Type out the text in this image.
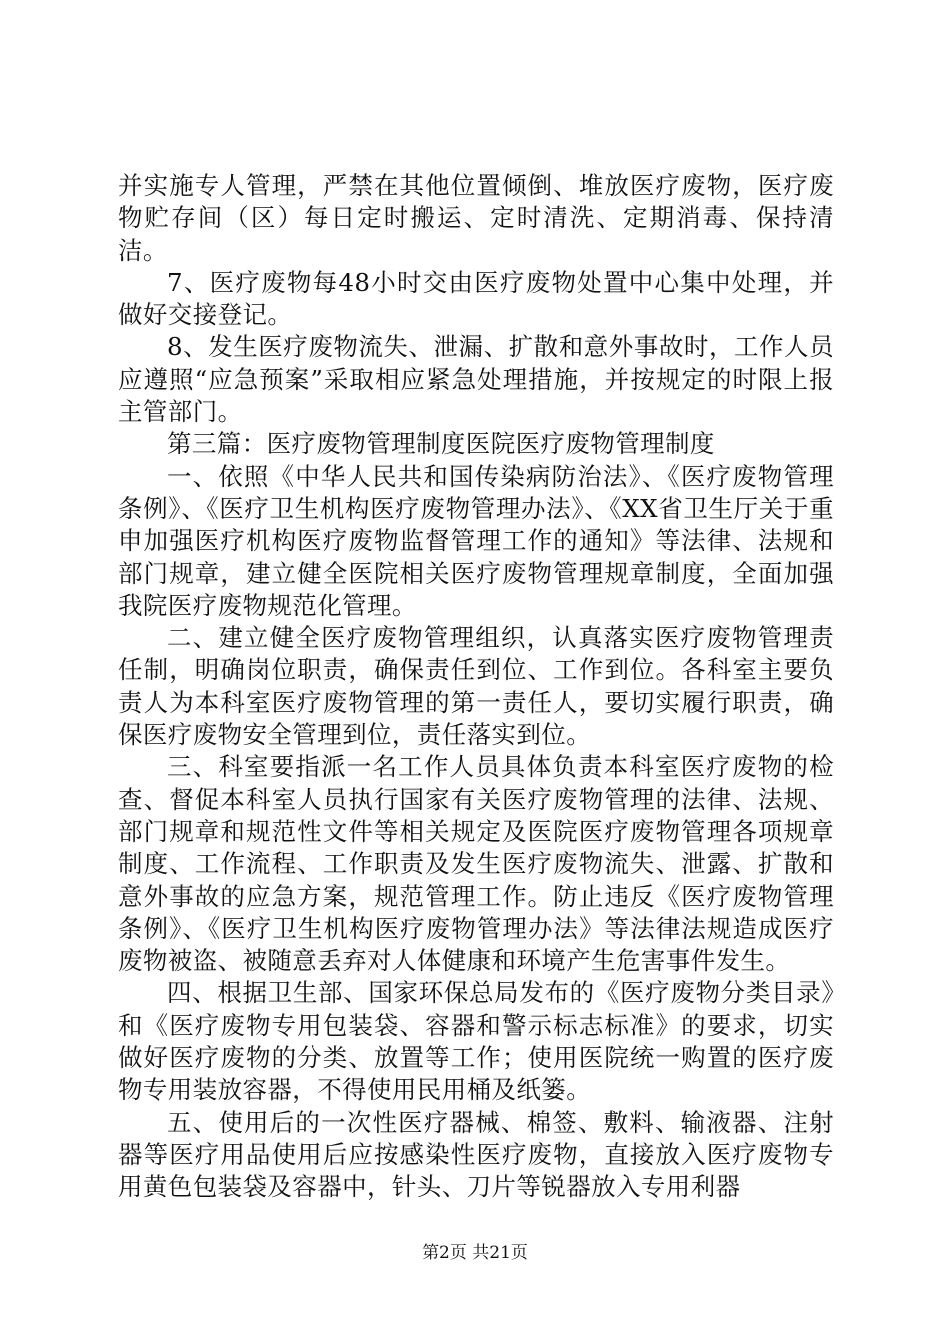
并实施专人管理，严禁在其他位置倾倒、堆放医疗废物，医疗废物贮存间（区）每日定时搬运、定时清洗、定期消毒、保持清洁。

7、医疗废物每48小时交由医疗废物处置中心集中处理，并做好交接登记。

8、发生医疗废物流失、泄漏、扩散和意外事故时，工作人员应遵照“应急预案”采取相应紧急处理措施，并按规定的时限上报主管部门。

第三篇：医疗废物管理制度医院医疗废物管理制度

一、依照《中华人民共和国传染病防治法》、《医疗废物管理条例》、《医疗卫生机构医疗废物管理办法》、《XX省卫生厅关于重申加强医疗机构医疗废物监督管理工作的通知》等法律、法规和部门规章，建立健全医院相关医疗废物管理规章制度，全面加强我院医疗废物规范化管理。

二、建立健全医疗废物管理组织，认真落实医疗废物管理责任制，明确岗位职责，确保责任到位、工作到位。各科室主要负责人为本科室医疗废物管理的第一责任人，要切实履行职责，确保医疗废物安全管理到位，责任落实到位。

三、科室要指派一名工作人员具体负责本科室医疗废物的检查、督促本科室人员执行国家有关医疗废物管理的法律、法规、部门规章和规范性文件等相关规定及医院医疗废物管理各项规章制度、工作流程、工作职责及发生医疗废物流失、泄露、扩散和意外事故的应急方案，规范管理工作。防止违反《医疗废物管理条例》、《医疗卫生机构医疗废物管理办法》等法律法规造成医疗废物被盗、被随意丢弃对人体健康和环境产生危害事件发生。

四、根据卫生部、国家环保总局发布的《医疗废物分类目录》和《医疗废物专用包装袋、容器和警示标志标准》的要求，切实做好医疗废物的分类、放置等工作；使用医院统一购置的医疗废物专用装放容器，不得使用民用桶及纸篓。

五、使用后的一次性医疗器械、棉签、敷料、输液器、注射器等医疗用品使用后应按感染性医疗废物，直接放入医疗废物专用黄色包装袋及容器中，针头、刀片等锐器放入专用利器

第2页 共21页
